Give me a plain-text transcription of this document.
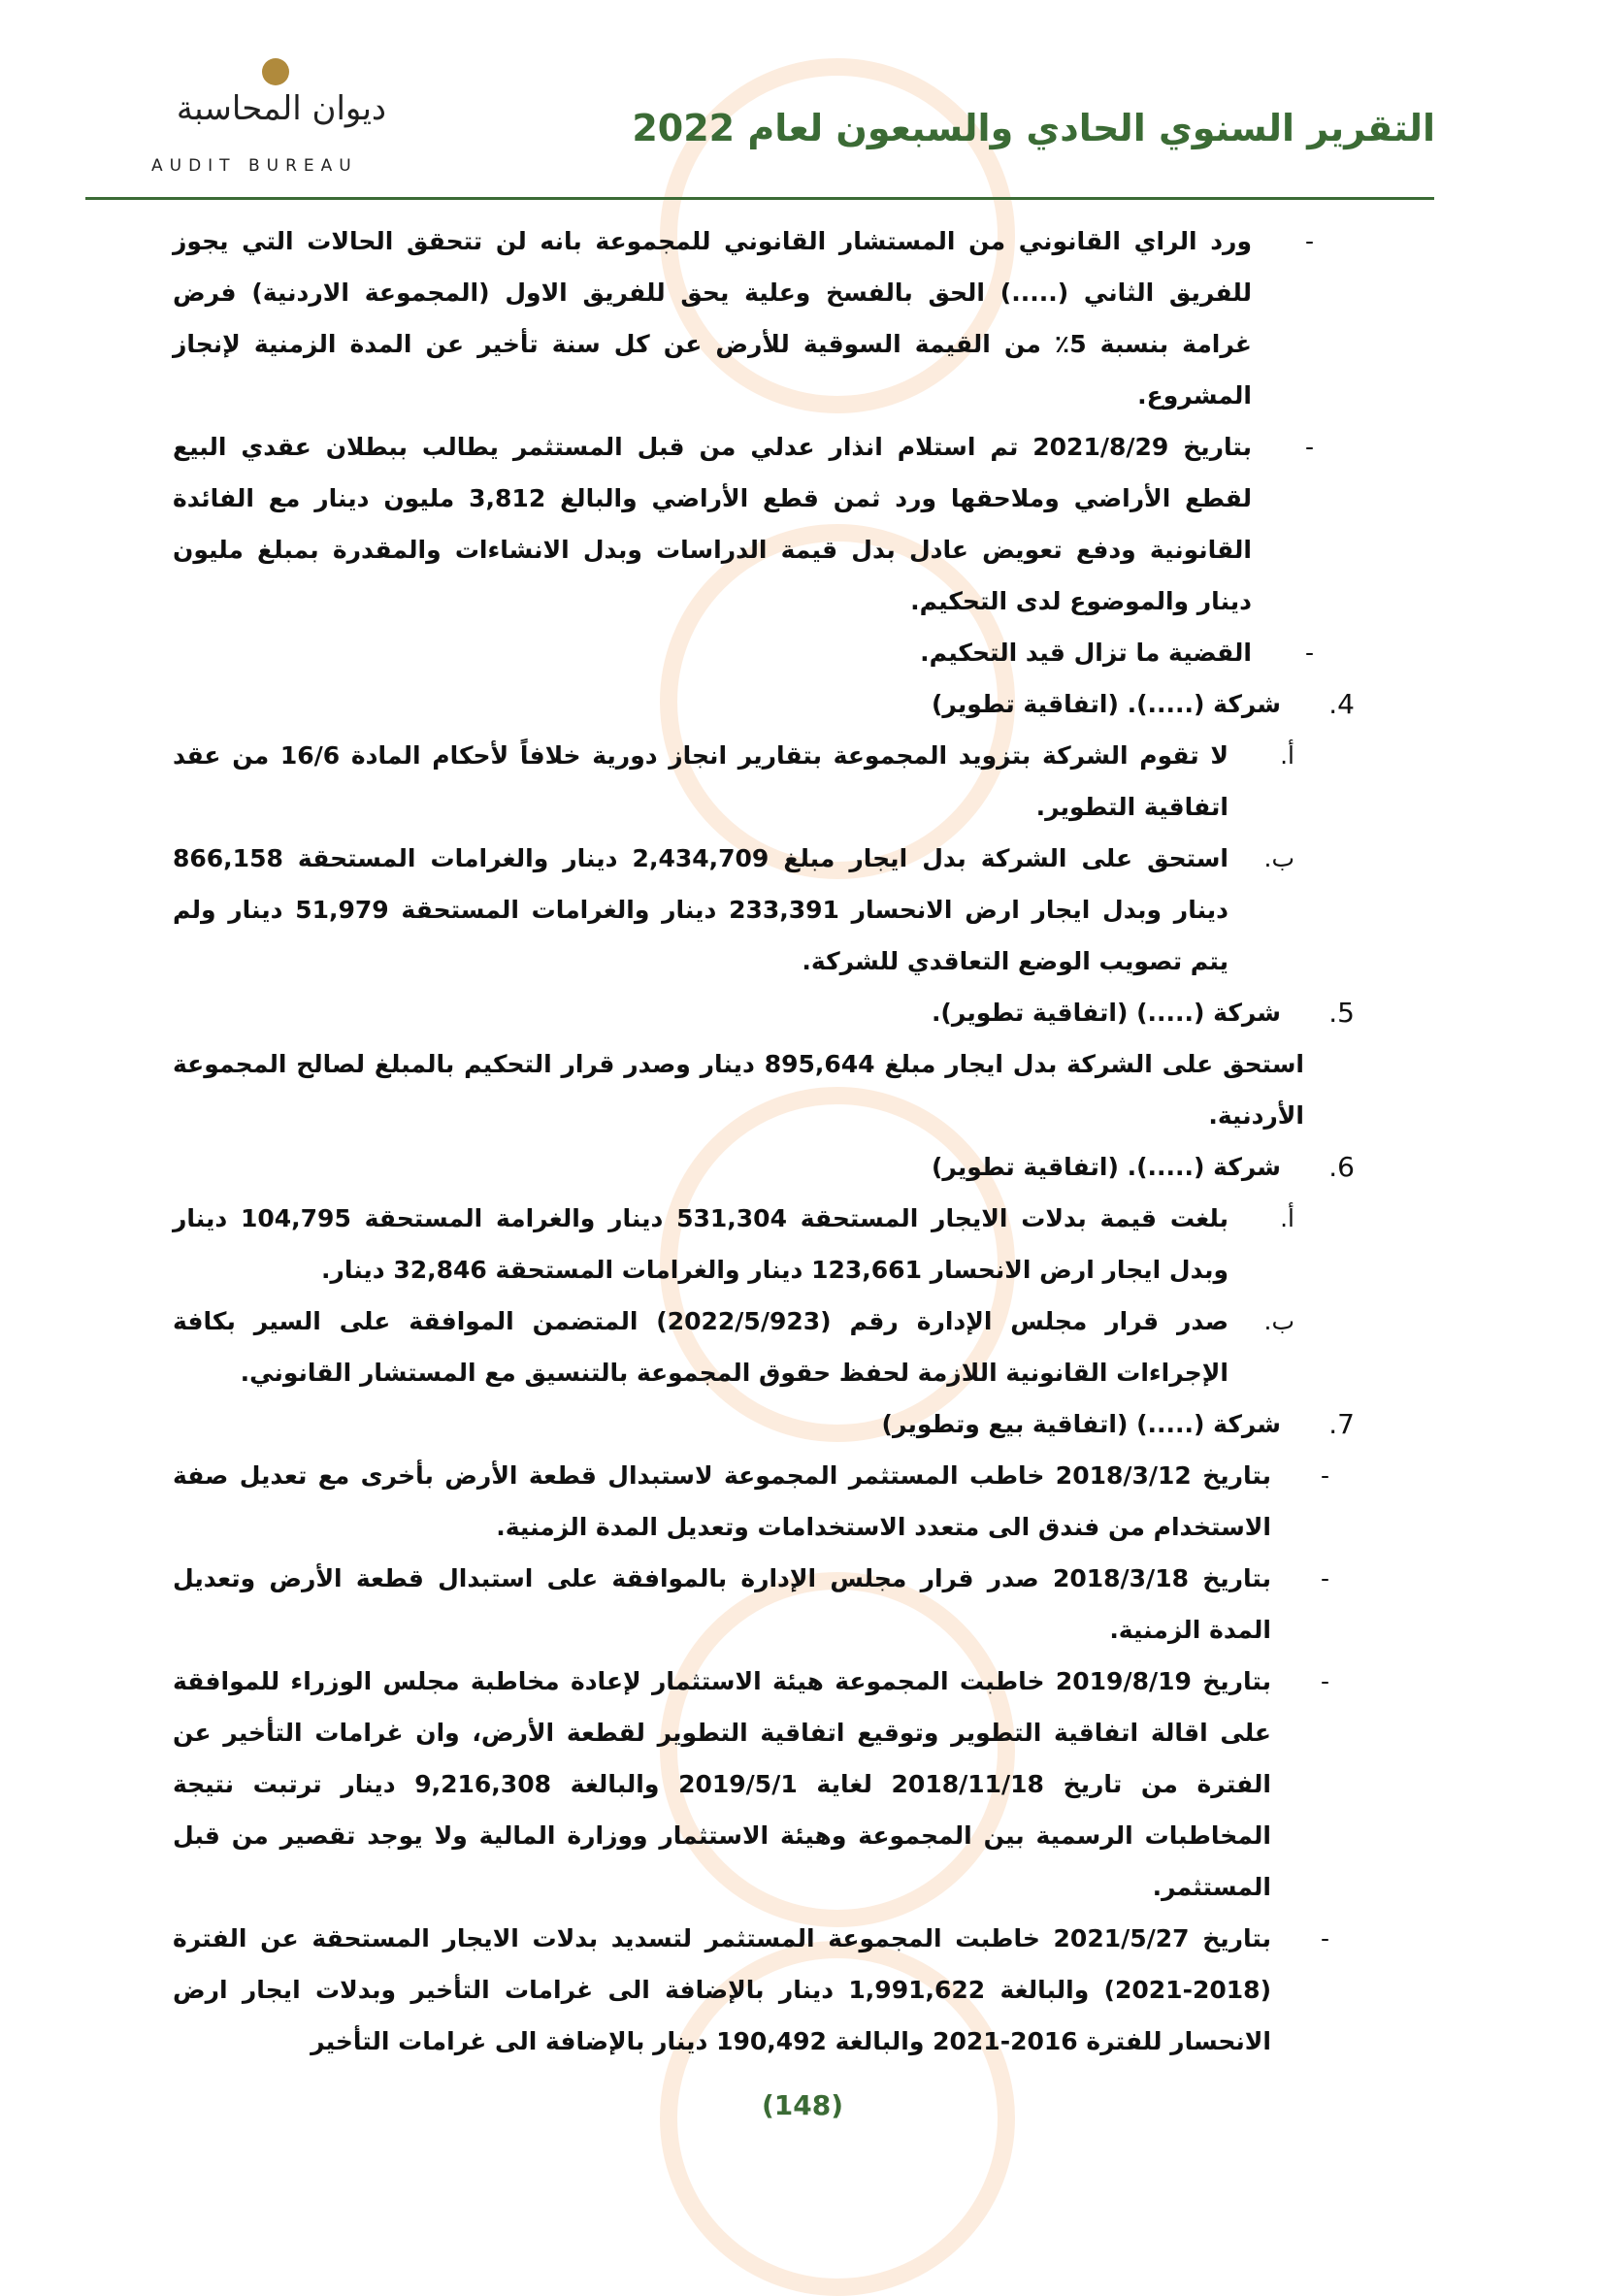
ديوان المحاسبة
AUDIT BUREAU
التقرير السنوي الحادي والسبعون لعام 2022
-
ورد الراي القانوني من المستشار القانوني للمجموعة بانه لن تتحقق الحالات التي يجوز للفريق الثاني (.....) الحق بالفسخ وعلية يحق للفريق الاول (المجموعة الاردنية) فرض غرامة بنسبة 5٪ من القيمة السوقية للأرض عن كل سنة تأخير عن المدة الزمنية لإنجاز المشروع.
-
بتاريخ 2021/8/29 تم استلام انذار عدلي من قبل المستثمر يطالب ببطلان عقدي البيع لقطع الأراضي وملاحقها ورد ثمن قطع الأراضي والبالغ 3,812 مليون دينار مع الفائدة القانونية ودفع تعويض عادل بدل قيمة الدراسات وبدل الانشاءات والمقدرة بمبلغ مليون دينار والموضوع لدى التحكيم.
-
القضية ما تزال قيد التحكيم.
4.
شركة (.....). (اتفاقية تطوير)
أ.
لا تقوم الشركة بتزويد المجموعة بتقارير انجاز دورية خلافاً لأحكام المادة 16/6 من عقد اتفاقية التطوير.
ب.
استحق على الشركة بدل ايجار مبلغ 2,434,709 دينار والغرامات المستحقة 866,158 دينار وبدل ايجار ارض الانحسار 233,391 دينار والغرامات المستحقة 51,979 دينار ولم يتم تصويب الوضع التعاقدي للشركة.
5.
شركة (.....) (اتفاقية تطوير).
استحق على الشركة بدل ايجار مبلغ 895,644 دينار وصدر قرار التحكيم بالمبلغ لصالح المجموعة الأردنية.
6.
شركة (.....). (اتفاقية تطوير)
أ.
بلغت قيمة بدلات الايجار المستحقة 531,304 دينار والغرامة المستحقة 104,795 دينار وبدل ايجار ارض الانحسار 123,661 دينار والغرامات المستحقة 32,846 دينار.
ب.
صدر قرار مجلس الإدارة رقم (2022/5/923) المتضمن الموافقة على السير بكافة الإجراءات القانونية اللازمة لحفظ حقوق المجموعة بالتنسيق مع المستشار القانوني.
7.
شركة (.....) (اتفاقية بيع وتطوير)
-
بتاريخ 2018/3/12 خاطب المستثمر المجموعة لاستبدال قطعة الأرض بأخرى مع تعديل صفة الاستخدام من فندق الى متعدد الاستخدامات وتعديل المدة الزمنية.
-
بتاريخ 2018/3/18 صدر قرار مجلس الإدارة بالموافقة على استبدال قطعة الأرض وتعديل المدة الزمنية.
-
بتاريخ 2019/8/19 خاطبت المجموعة هيئة الاستثمار لإعادة مخاطبة مجلس الوزراء للموافقة على اقالة اتفاقية التطوير وتوقيع اتفاقية التطوير لقطعة الأرض، وان غرامات التأخير عن الفترة من تاريخ 2018/11/18 لغاية 2019/5/1 والبالغة 9,216,308 دينار ترتبت نتيجة المخاطبات الرسمية بين المجموعة وهيئة الاستثمار ووزارة المالية ولا يوجد تقصير من قبل المستثمر.
-
بتاريخ 2021/5/27 خاطبت المجموعة المستثمر لتسديد بدلات الايجار المستحقة عن الفترة (2018-2021) والبالغة 1,991,622 دينار بالإضافة الى غرامات التأخير وبدلات ايجار ارض الانحسار للفترة 2016-2021 والبالغة 190,492 دينار بالإضافة الى غرامات التأخير
(148)
